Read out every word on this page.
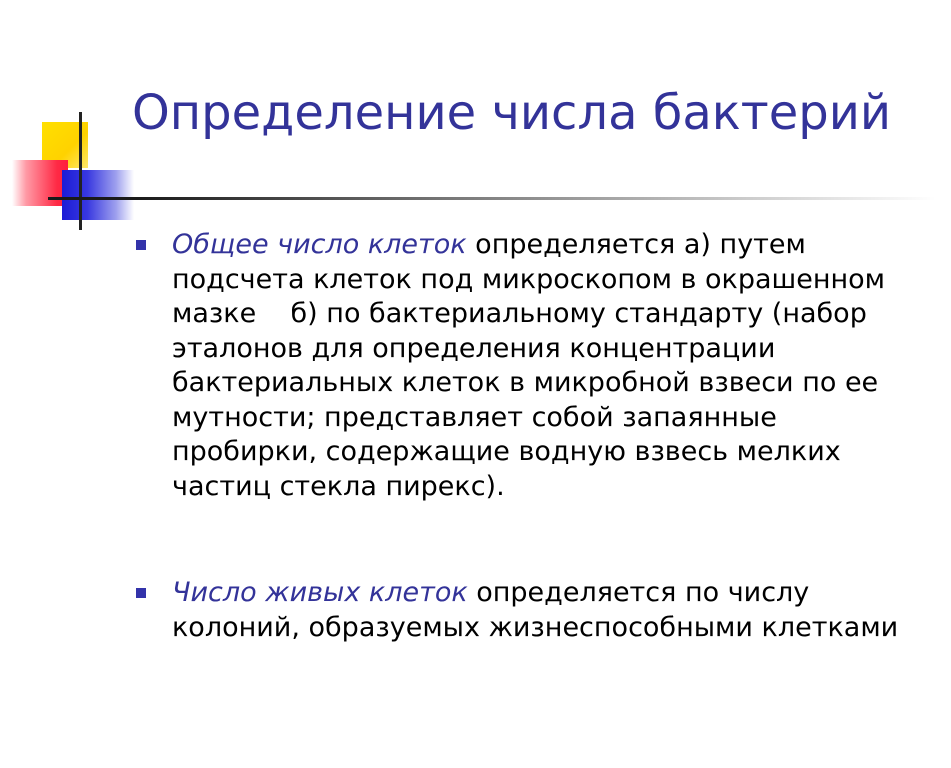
Определение числа бактерий
Общее число клеток определяется а) путем подсчета клеток под микроскопом в окрашенном мазке    б) по бактериальному стандарту (набор эталонов для определения концентрации бактериальных клеток в микробной взвеси по ее мутности; представляет собой запаянные пробирки, содержащие водную взвесь мелких частиц стекла пирекс).
Число живых клеток определяется по числу колоний, образуемых жизнеспособными клетками
